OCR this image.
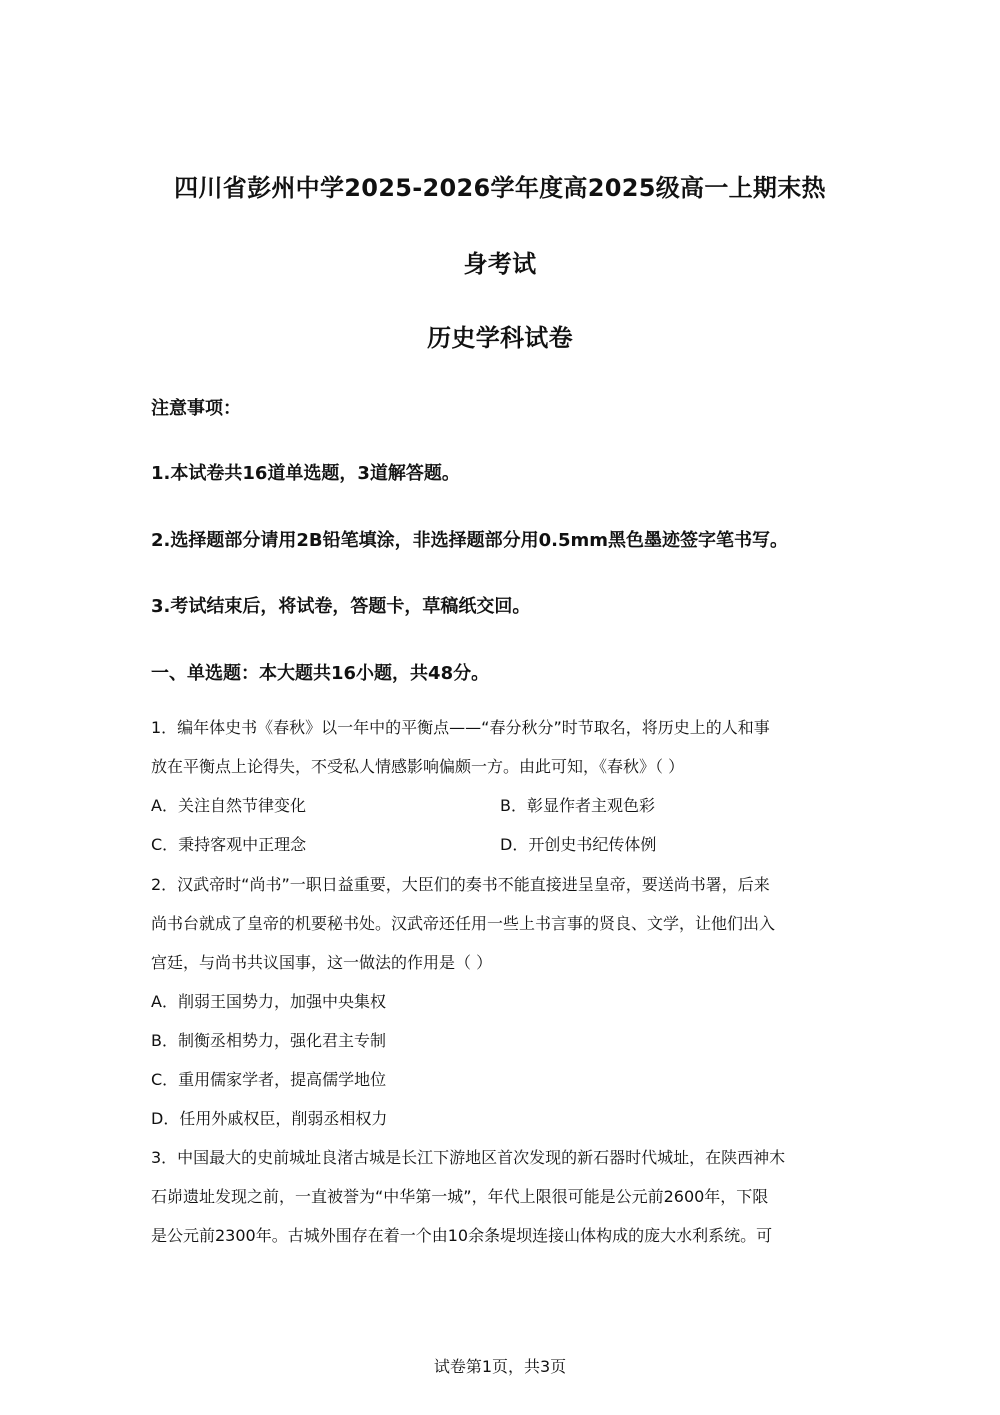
四川省彭州中学2025-2026学年度高2025级高一上期末热
身考试
历史学科试卷
注意事项：
1.本试卷共16道单选题，3道解答题。
2.选择题部分请用2B铅笔填涂，非选择题部分用0.5mm黑色墨迹签字笔书写。
3.考试结束后，将试卷，答题卡，草稿纸交回。
一、单选题：本大题共16小题，共48分。
1．编年体史书《春秋》以一年中的平衡点——“春分秋分”时节取名，将历史上的人和事
放在平衡点上论得失，不受私人情感影响偏颇一方。由此可知，《春秋》（ ）
A．关注自然节律变化	B．彰显作者主观色彩
C．秉持客观中正理念	D．开创史书纪传体例
2．汉武帝时“尚书”一职日益重要，大臣们的奏书不能直接进呈皇帝，要送尚书署，后来
尚书台就成了皇帝的机要秘书处。汉武帝还任用一些上书言事的贤良、文学，让他们出入
宫廷，与尚书共议国事，这一做法的作用是（ ）
A．削弱王国势力，加强中央集权
B．制衡丞相势力，强化君主专制
C．重用儒家学者，提高儒学地位
D．任用外戚权臣，削弱丞相权力
3．中国最大的史前城址良渚古城是长江下游地区首次发现的新石器时代城址，在陕西神木
石峁遗址发现之前，一直被誉为“中华第一城”，年代上限很可能是公元前2600年，下限
是公元前2300年。古城外围存在着一个由10余条堤坝连接山体构成的庞大水利系统。可
试卷第1页，共3页
